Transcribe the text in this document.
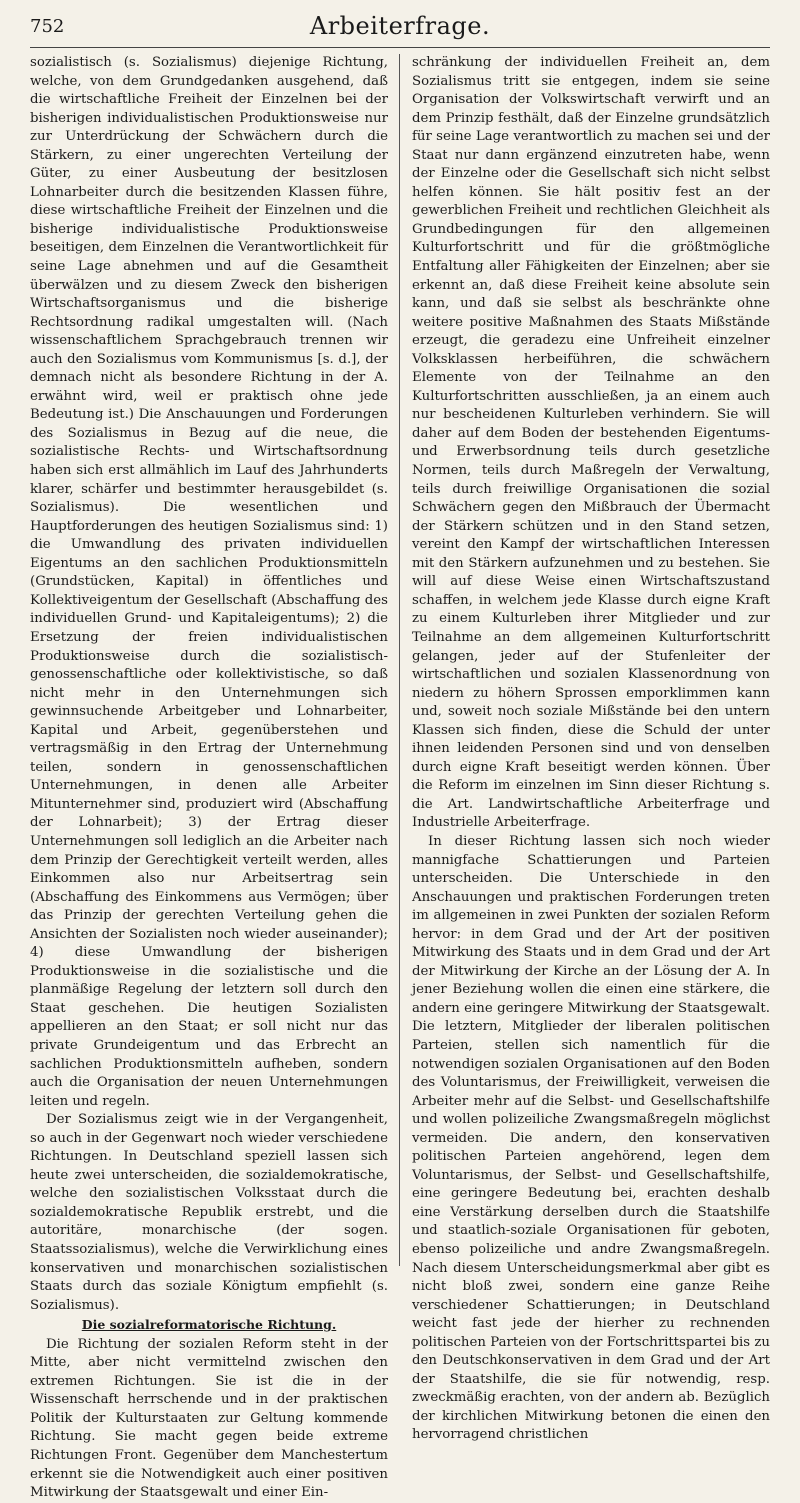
752	Arbeiterfrage.

sozialistisch (s. Sozialismus) diejenige Richtung, welche, von dem Grundgedanken ausgehend, daß die wirtschaftliche Freiheit der Einzelnen bei der bisherigen individualistischen Produktionsweise nur zur Unterdrückung der Schwächern durch die Stärkern, zu einer ungerechten Verteilung der Güter, zu einer Ausbeutung der besitzlosen Lohnarbeiter durch die besitzenden Klassen führe, diese wirtschaftliche Freiheit der Einzelnen und die bisherige individualistische Produktionsweise beseitigen, dem Einzelnen die Verantwortlichkeit für seine Lage abnehmen und auf die Gesamtheit überwälzen und zu diesem Zweck den bisherigen Wirtschaftsorganismus und die bisherige Rechtsordnung radikal umgestalten will. (Nach wissenschaftlichem Sprachgebrauch trennen wir auch den Sozialismus vom Kommunismus [s. d.], der demnach nicht als besondere Richtung in der A. erwähnt wird, weil er praktisch ohne jede Bedeutung ist.) Die Anschauungen und Forderungen des Sozialismus in Bezug auf die neue, die sozialistische Rechts- und Wirtschaftsordnung haben sich erst allmählich im Lauf des Jahrhunderts klarer, schärfer und bestimmter herausgebildet (s. Sozialismus). Die wesentlichen und Hauptforderungen des heutigen Sozialismus sind: 1) die Umwandlung des privaten individuellen Eigentums an den sachlichen Produktionsmitteln (Grundstücken, Kapital) in öffentliches und Kollektiveigentum der Gesellschaft (Abschaffung des individuellen Grund- und Kapitaleigentums); 2) die Ersetzung der freien individualistischen Produktionsweise durch die sozialistisch-genossenschaftliche oder kollektivistische, so daß nicht mehr in den Unternehmungen sich gewinnsuchende Arbeitgeber und Lohnarbeiter, Kapital und Arbeit, gegenüberstehen und vertragsmäßig in den Ertrag der Unternehmung teilen, sondern in genossenschaftlichen Unternehmungen, in denen alle Arbeiter Mitunternehmer sind, produziert wird (Abschaffung der Lohnarbeit); 3) der Ertrag dieser Unternehmungen soll lediglich an die Arbeiter nach dem Prinzip der Gerechtigkeit verteilt werden, alles Einkommen also nur Arbeitsertrag sein (Abschaffung des Einkommens aus Vermögen; über das Prinzip der gerechten Verteilung gehen die Ansichten der Sozialisten noch wieder auseinander); 4) diese Umwandlung der bisherigen Produktionsweise in die sozialistische und die planmäßige Regelung der letztern soll durch den Staat geschehen. Die heutigen Sozialisten appellieren an den Staat; er soll nicht nur das private Grundeigentum und das Erbrecht an sachlichen Produktionsmitteln aufheben, sondern auch die Organisation der neuen Unternehmungen leiten und regeln.

Der Sozialismus zeigt wie in der Vergangenheit, so auch in der Gegenwart noch wieder verschiedene Richtungen. In Deutschland speziell lassen sich heute zwei unterscheiden, die sozialdemokratische, welche den sozialistischen Volksstaat durch die sozialdemokratische Republik erstrebt, und die autoritäre, monarchische (der sogen. Staatssozialismus), welche die Verwirklichung eines konservativen und monarchischen sozialistischen Staats durch das soziale Königtum empfiehlt (s. Sozialismus).

Die sozialreformatorische Richtung.

Die Richtung der sozialen Reform steht in der Mitte, aber nicht vermittelnd zwischen den extremen Richtungen. Sie ist die in der Wissenschaft herrschende und in der praktischen Politik der Kulturstaaten zur Geltung kommende Richtung. Sie macht gegen beide extreme Richtungen Front. Gegenüber dem Manchestertum erkennt sie die Notwendigkeit auch einer positiven Mitwirkung der Staatsgewalt und einer Ein-

schränkung der individuellen Freiheit an, dem Sozialismus tritt sie entgegen, indem sie seine Organisation der Volkswirtschaft verwirft und an dem Prinzip festhält, daß der Einzelne grundsätzlich für seine Lage verantwortlich zu machen sei und der Staat nur dann ergänzend einzutreten habe, wenn der Einzelne oder die Gesellschaft sich nicht selbst helfen können. Sie hält positiv fest an der gewerblichen Freiheit und rechtlichen Gleichheit als Grundbedingungen für den allgemeinen Kulturfortschritt und für die größtmögliche Entfaltung aller Fähigkeiten der Einzelnen; aber sie erkennt an, daß diese Freiheit keine absolute sein kann, und daß sie selbst als beschränkte ohne weitere positive Maßnahmen des Staats Mißstände erzeugt, die geradezu eine Unfreiheit einzelner Volksklassen herbeiführen, die schwächern Elemente von der Teilnahme an den Kulturfortschritten ausschließen, ja an einem auch nur bescheidenen Kulturleben verhindern. Sie will daher auf dem Boden der bestehenden Eigentums- und Erwerbsordnung teils durch gesetzliche Normen, teils durch Maßregeln der Verwaltung, teils durch freiwillige Organisationen die sozial Schwächern gegen den Mißbrauch der Übermacht der Stärkern schützen und in den Stand setzen, vereint den Kampf der wirtschaftlichen Interessen mit den Stärkern aufzunehmen und zu bestehen. Sie will auf diese Weise einen Wirtschaftszustand schaffen, in welchem jede Klasse durch eigne Kraft zu einem Kulturleben ihrer Mitglieder und zur Teilnahme an dem allgemeinen Kulturfortschritt gelangen, jeder auf der Stufenleiter der wirtschaftlichen und sozialen Klassenordnung von niedern zu höhern Sprossen emporklimmen kann und, soweit noch soziale Mißstände bei den untern Klassen sich finden, diese die Schuld der unter ihnen leidenden Personen sind und von denselben durch eigne Kraft beseitigt werden können. Über die Reform im einzelnen im Sinn dieser Richtung s. die Art. Landwirtschaftliche Arbeiterfrage und Industrielle Arbeiterfrage.

In dieser Richtung lassen sich noch wieder mannigfache Schattierungen und Parteien unterscheiden. Die Unterschiede in den Anschauungen und praktischen Forderungen treten im allgemeinen in zwei Punkten der sozialen Reform hervor: in dem Grad und der Art der positiven Mitwirkung des Staats und in dem Grad und der Art der Mitwirkung der Kirche an der Lösung der A. In jener Beziehung wollen die einen eine stärkere, die andern eine geringere Mitwirkung der Staatsgewalt. Die letztern, Mitglieder der liberalen politischen Parteien, stellen sich namentlich für die notwendigen sozialen Organisationen auf den Boden des Voluntarismus, der Freiwilligkeit, verweisen die Arbeiter mehr auf die Selbst- und Gesellschaftshilfe und wollen polizeiliche Zwangsmaßregeln möglichst vermeiden. Die andern, den konservativen politischen Parteien angehörend, legen dem Voluntarismus, der Selbst- und Gesellschaftshilfe, eine geringere Bedeutung bei, erachten deshalb eine Verstärkung derselben durch die Staatshilfe und staatlich-soziale Organisationen für geboten, ebenso polizeiliche und andre Zwangsmaßregeln. Nach diesem Unterscheidungsmerkmal aber gibt es nicht bloß zwei, sondern eine ganze Reihe verschiedener Schattierungen; in Deutschland weicht fast jede der hierher zu rechnenden politischen Parteien von der Fortschrittspartei bis zu den Deutschkonservativen in dem Grad und der Art der Staatshilfe, die sie für notwendig, resp. zweckmäßig erachten, von der andern ab. Bezüglich der kirchlichen Mitwirkung betonen die einen den hervorragend christlichen
